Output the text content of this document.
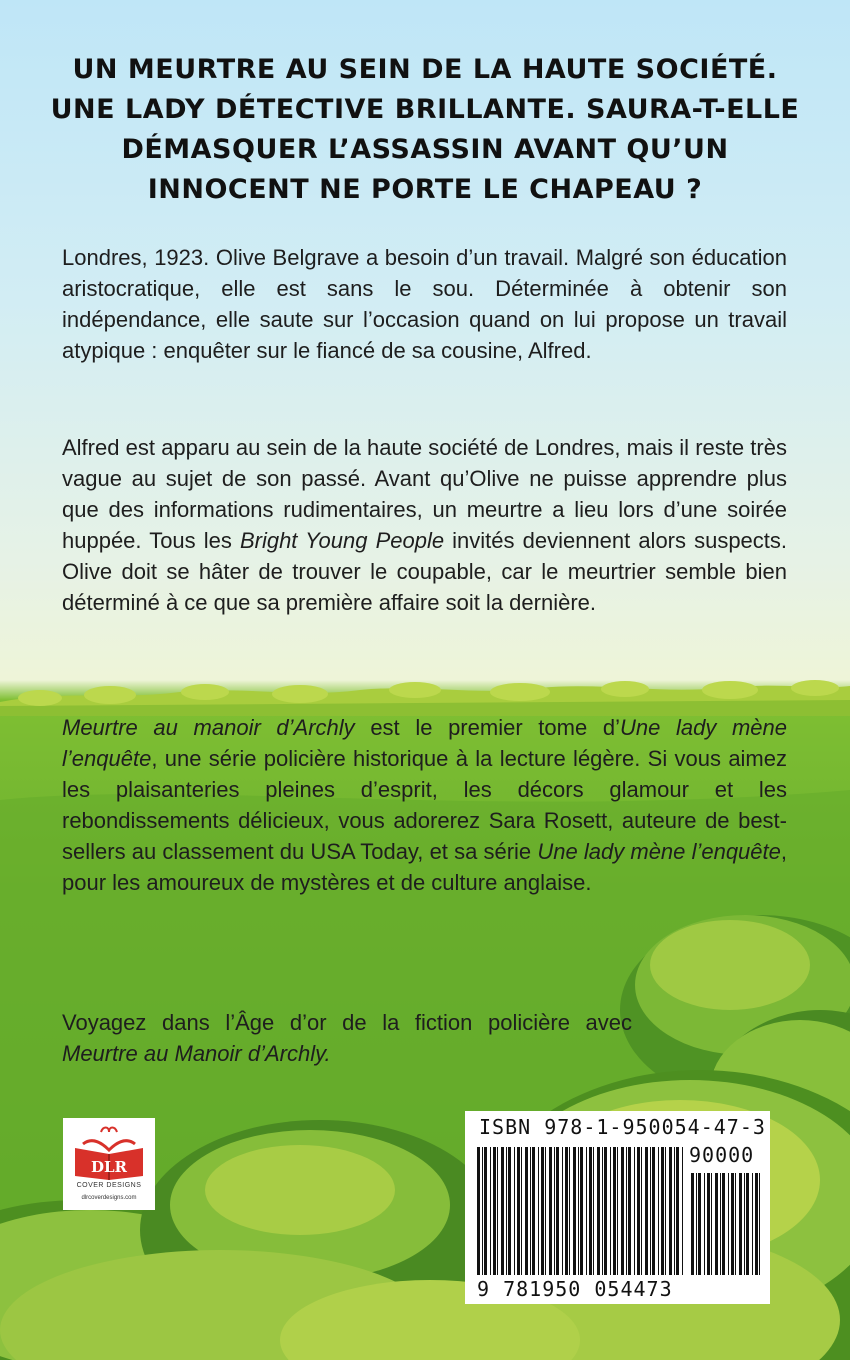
UN MEURTRE AU SEIN DE LA HAUTE SOCIÉTÉ. UNE LADY DÉTECTIVE BRILLANTE. SAURA-T-ELLE DÉMASQUER L’ASSASSIN AVANT QU’UN INNOCENT NE PORTE LE CHAPEAU ?

Londres, 1923. Olive Belgrave a besoin d’un travail. Malgré son éducation aristocratique, elle est sans le sou. Déterminée à obtenir son indépendance, elle saute sur l’occasion quand on lui propose un travail atypique : enquêter sur le fiancé de sa cousine, Alfred.

Alfred est apparu au sein de la haute société de Londres, mais il reste très vague au sujet de son passé. Avant qu’Olive ne puisse apprendre plus que des informations rudimentaires, un meurtre a lieu lors d’une soirée huppée. Tous les Bright Young People invités deviennent alors suspects. Olive doit se hâter de trouver le coupable, car le meurtrier semble bien déterminé à ce que sa première affaire soit la dernière.

Meurtre au manoir d’Archly est le premier tome d’Une lady mène l’enquête, une série policière historique à la lecture légère. Si vous aimez les plaisanteries pleines d’esprit, les décors glamour et les rebondissements délicieux, vous adorerez Sara Rosett, auteure de best-sellers au classement du USA Today, et sa série Une lady mène l’enquête, pour les amoureux de mystères et de culture anglaise.

Voyagez dans l’Âge d’or de la fiction policière avec Meurtre au Manoir d’Archly.

DLR
COVER DESIGNS
dlrcoverdesigns.com
ISBN 978-1-950054-47-3
90000
9 781950 054473
